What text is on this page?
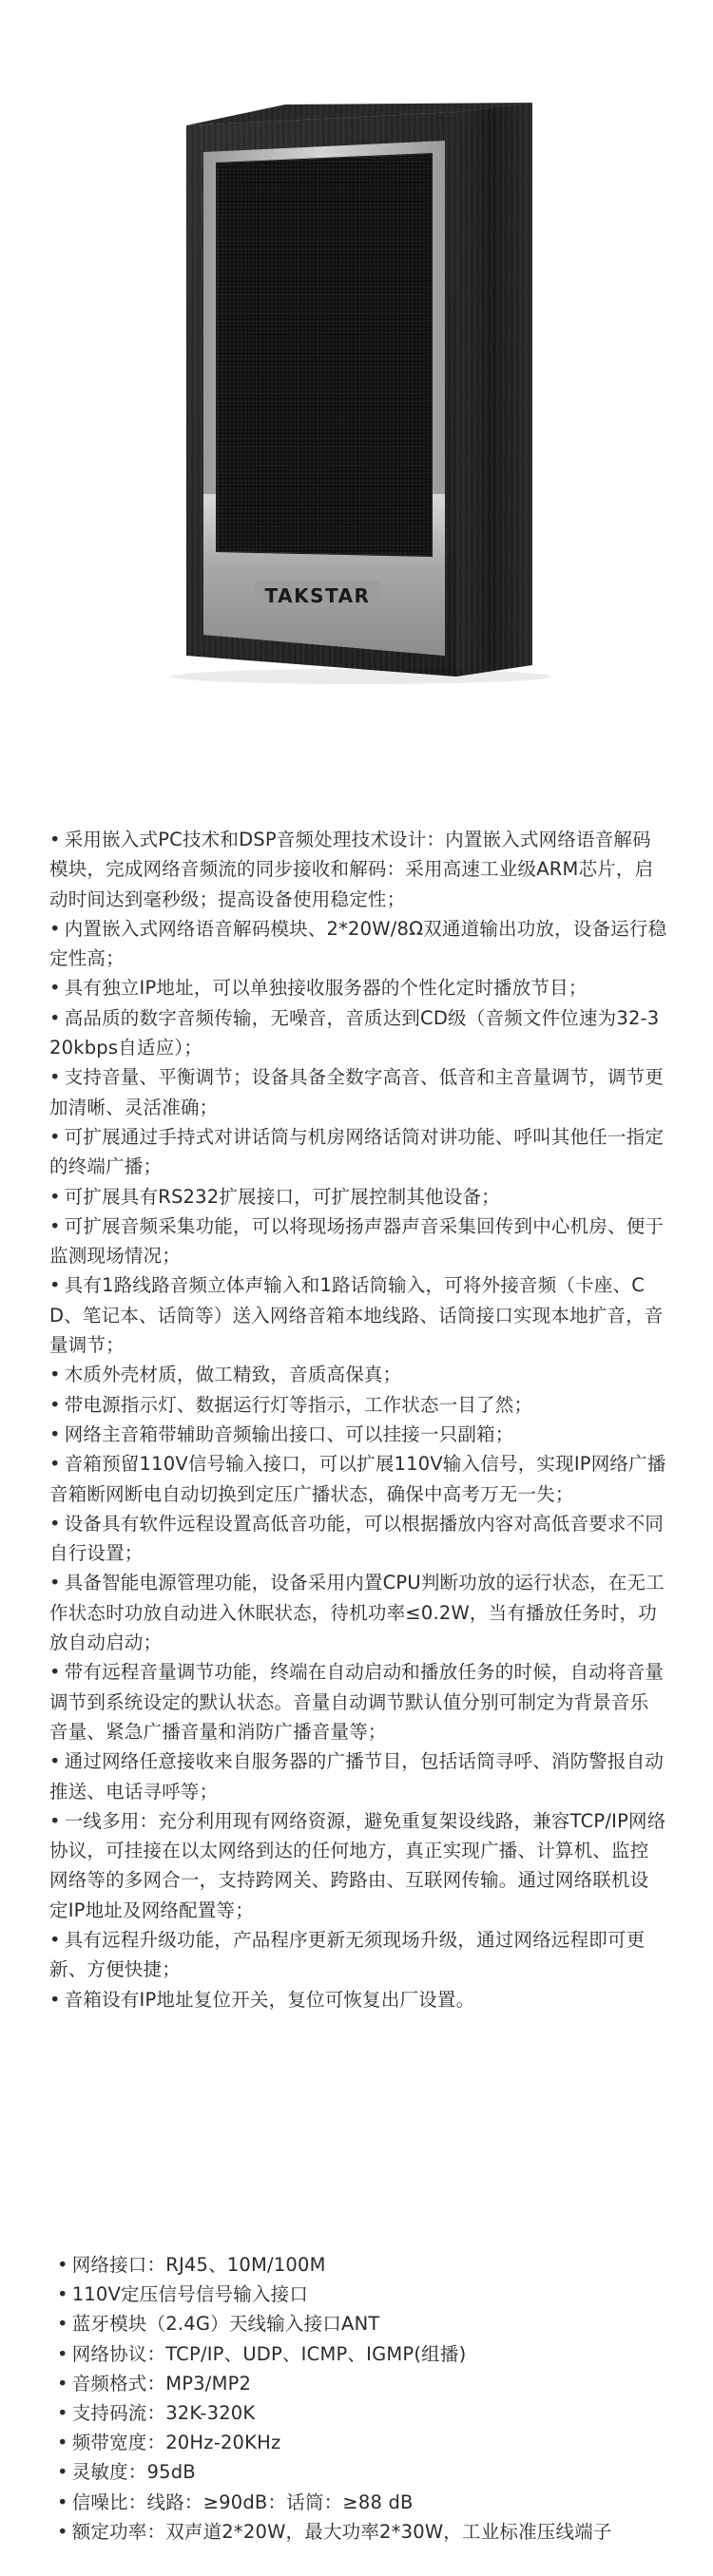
TAKSTAR
• 采用嵌入式PC技术和DSP音频处理技术设计：内置嵌入式网络语音解码模块，完成网络音频流的同步接收和解码：采用高速工业级ARM芯片，启动时间达到毫秒级；提高设备使用稳定性；
• 内置嵌入式网络语音解码模块、2*20W/8Ω双通道输出功放，设备运行稳定性高；
• 具有独立IP地址，可以单独接收服务器的个性化定时播放节目；
• 高品质的数字音频传输，无噪音，音质达到CD级（音频文件位速为32-320kbps自适应）；
• 支持音量、平衡调节；设备具备全数字高音、低音和主音量调节，调节更加清晰、灵活准确；
• 可扩展通过手持式对讲话筒与机房网络话筒对讲功能、呼叫其他任一指定的终端广播；
• 可扩展具有RS232扩展接口，可扩展控制其他设备；
• 可扩展音频采集功能，可以将现场扬声器声音采集回传到中心机房、便于监测现场情况；
• 具有1路线路音频立体声输入和1路话筒输入，可将外接音频（卡座、CD、笔记本、话筒等）送入网络音箱本地线路、话筒接口实现本地扩音，音量调节；
• 木质外壳材质，做工精致，音质高保真；
• 带电源指示灯、数据运行灯等指示，工作状态一目了然；
• 网络主音箱带辅助音频输出接口、可以挂接一只副箱；
• 音箱预留110V信号输入接口，可以扩展110V输入信号，实现IP网络广播音箱断网断电自动切换到定压广播状态，确保中高考万无一失；
• 设备具有软件远程设置高低音功能，可以根据播放内容对高低音要求不同自行设置；
• 具备智能电源管理功能，设备采用内置CPU判断功放的运行状态，在无工作状态时功放自动进入休眠状态，待机功率≤0.2W，当有播放任务时，功放自动启动；
• 带有远程音量调节功能，终端在自动启动和播放任务的时候，自动将音量调节到系统设定的默认状态。音量自动调节默认值分别可制定为背景音乐音量、紧急广播音量和消防广播音量等；
• 通过网络任意接收来自服务器的广播节目，包括话筒寻呼、消防警报自动推送、电话寻呼等；
• 一线多用：充分利用现有网络资源，避免重复架设线路，兼容TCP/IP网络协议，可挂接在以太网络到达的任何地方，真正实现广播、计算机、监控网络等的多网合一，支持跨网关、跨路由、互联网传输。通过网络联机设定IP地址及网络配置等；
• 具有远程升级功能，产品程序更新无须现场升级，通过网络远程即可更新、方便快捷；
• 音箱设有IP地址复位开关，复位可恢复出厂设置。
• 网络接口：RJ45、10M/100M
• 110V定压信号信号输入接口
• 蓝牙模块（2.4G）天线输入接口ANT
• 网络协议：TCP/IP、UDP、ICMP、IGMP(组播)
• 音频格式：MP3/MP2
• 支持码流：32K-320K
• 频带宽度：20Hz-20KHz
• 灵敏度：95dB
• 信噪比：线路：≥90dB：话筒：≥88 dB
• 额定功率：双声道2*20W，最大功率2*30W，工业标准压线端子
